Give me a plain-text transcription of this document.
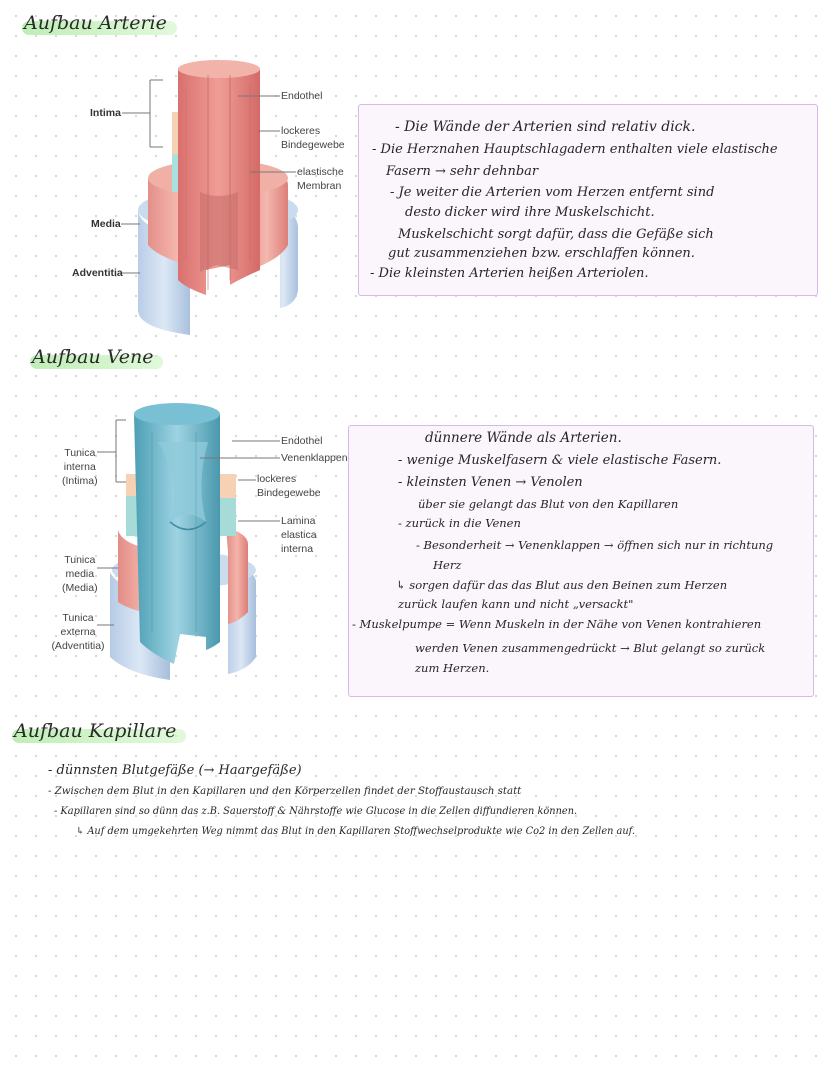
Aufbau Arterie
Intima
Media
Adventitia
Endothel
lockeres
Bindegewebe
elastische
Membran
- Die Wände der Arterien sind relativ dick.
- Die Herznahen Hauptschlagadern enthalten viele elastische
Fasern → sehr dehnbar
- Je weiter die Arterien vom Herzen entfernt sind
desto dicker wird ihre Muskelschicht.
Muskelschicht sorgt dafür, dass die Gefäße sich
gut zusammenziehen bzw. erschlaffen können.
- Die kleinsten Arterien heißen Arteriolen.
Aufbau Vene
Tunica
interna
(Intima)
Tunica
media
(Media)
Tunica
externa
(Adventitia)
Endothel
Venenklappen
lockeres
Bindegewebe
Lamina
elastica
interna
dünnere Wände als Arterien.
- wenige Muskelfasern & viele elastische Fasern.
- kleinsten Venen → Venolen
über sie gelangt das Blut von den Kapillaren
- zurück in die Venen
- Besonderheit → Venenklappen → öffnen sich nur in richtung
Herz
↳ sorgen dafür das das Blut aus den Beinen zum Herzen
zurück laufen kann und nicht „versackt"
- Muskelpumpe = Wenn Muskeln in der Nähe von Venen kontrahieren
werden Venen zusammengedrückt → Blut gelangt so zurück
zum Herzen.
Aufbau Kapillare
- dünnsten Blutgefäße (→ Haargefäße)
- Zwischen dem Blut in den Kapillaren und den Körperzellen findet der Stoffaustausch statt
- Kapillaren sind so dünn das z.B. Sauerstoff & Nährstoffe wie Glucose in die Zellen diffundieren können.
↳ Auf dem umgekehrten Weg nimmt das Blut in den Kapillaren Stoffwechselprodukte wie Co2 in den Zellen auf.
